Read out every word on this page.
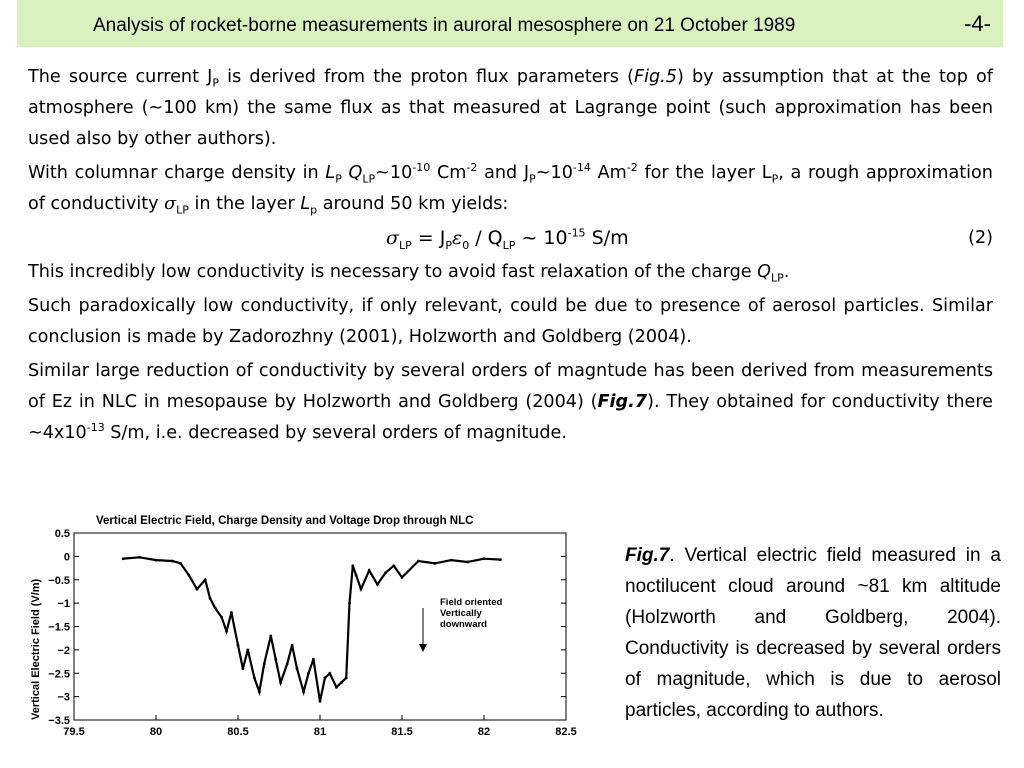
Analysis of rocket-borne measurements in auroral mesosphere on 21 October 1989	-4-

The source current $J_P$ is derived from the proton flux parameters (Fig.5) by assumption that at the top of atmosphere (~100 km) the same flux as that measured at Lagrange point (such approximation has been used also by other authors).

With columnar charge density in $L_P$ $Q_{LP}\sim 10^{-10}$ $Cm^{-2}$ and $J_P\sim 10^{-14}$ $Am^{-2}$ for the layer $L_P$, a rough approximation of conductivity $\sigma_{LP}$ in the layer $L_p$ around 50 km yields:

$\sigma_{LP} = J_P\varepsilon_0 / Q_{LP}$ ~ $10^{-15}$ S/m	(2)

This incredibly low conductivity is necessary to avoid fast relaxation of the charge $Q_{LP}$.

Such paradoxically low conductivity, if only relevant, could be due to presence of aerosol particles. Similar conclusion is made by Zadorozhny (2001), Holzworth and Goldberg (2004).

Similar large reduction of conductivity by several orders of magntude has been derived from measurements of Ez in NLC in mesopause by Holzworth and Goldberg (2004) (Fig.7). They obtained for conductivity there $\sim 4x10^{-13}$ S/m, i.e. decreased by several orders of magnitude.

Vertical Electric Field, Charge Density and Voltage Drop through NLC
Vertical Electric Field (V/m)
0.5
0
−0.5
−1
−1.5
−2
−2.5
−3
−3.5
79.5	80	80.5	81	81.5	82	82.5
Field oriented
Vertically
downward
Fig.7. Vertical electric field measured in a noctilucent cloud around ~81 km altitude (Holzworth and Goldberg, 2004). Conductivity is decreased by several orders of magnitude, which is due to aerosol particles, according to authors.
